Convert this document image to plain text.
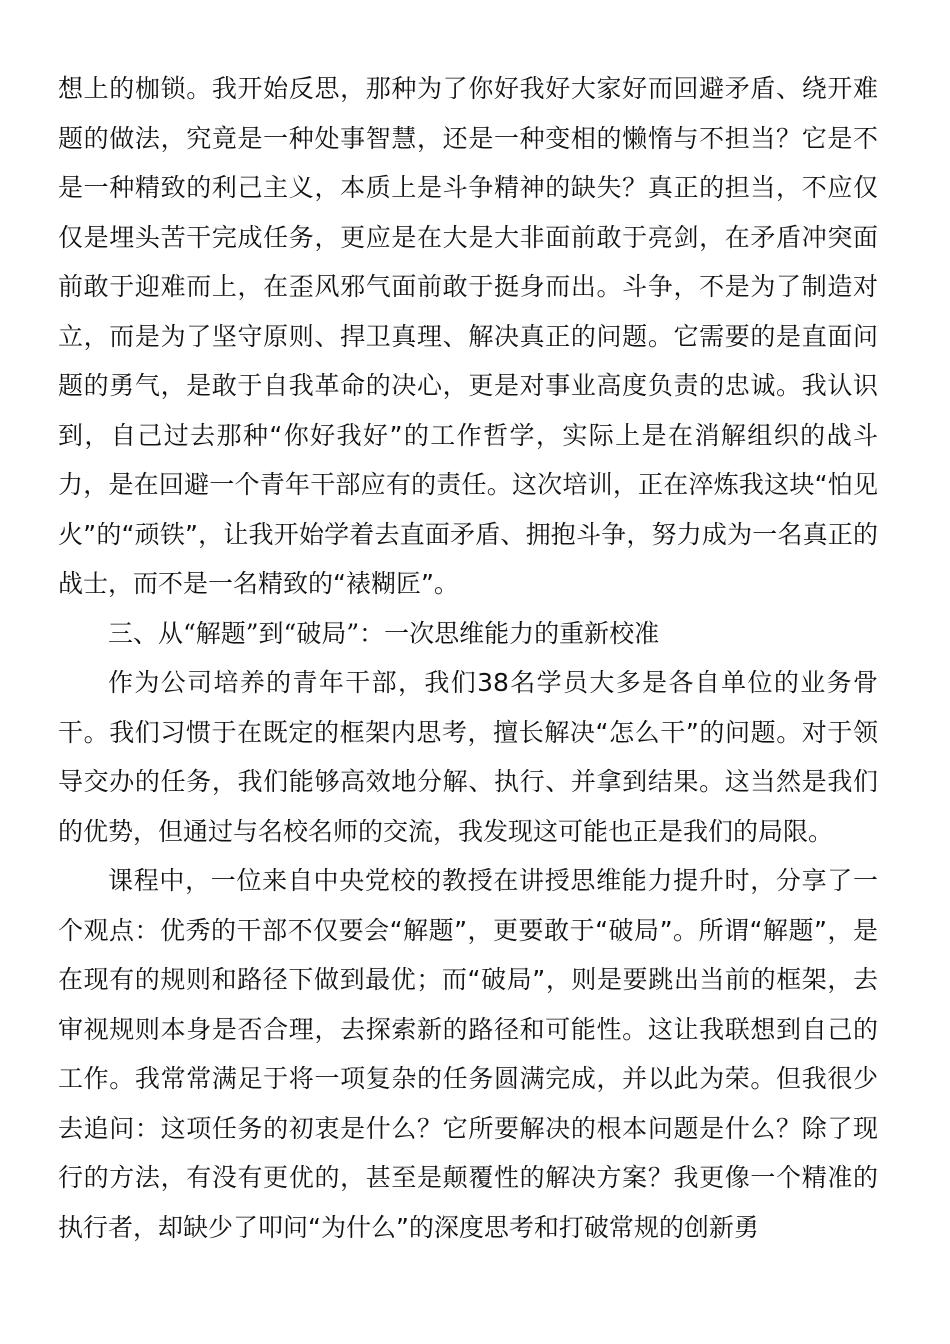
想上的枷锁。我开始反思，那种为了你好我好大家好而回避矛盾、绕开难题的做法，究竟是一种处事智慧，还是一种变相的懒惰与不担当？它是不是一种精致的利己主义，本质上是斗争精神的缺失？真正的担当，不应仅仅是埋头苦干完成任务，更应是在大是大非面前敢于亮剑，在矛盾冲突面前敢于迎难而上，在歪风邪气面前敢于挺身而出。斗争，不是为了制造对立，而是为了坚守原则、捍卫真理、解决真正的问题。它需要的是直面问题的勇气，是敢于自我革命的决心，更是对事业高度负责的忠诚。我认识到，自己过去那种“你好我好”的工作哲学，实际上是在消解组织的战斗力，是在回避一个青年干部应有的责任。这次培训，正在淬炼我这块“怕见火”的“顽铁”，让我开始学着去直面矛盾、拥抱斗争，努力成为一名真正的战士，而不是一名精致的“裱糊匠”。

三、从“解题”到“破局”：一次思维能力的重新校准

作为公司培养的青年干部，我们38名学员大多是各自单位的业务骨干。我们习惯于在既定的框架内思考，擅长解决“怎么干”的问题。对于领导交办的任务，我们能够高效地分解、执行、并拿到结果。这当然是我们的优势，但通过与名校名师的交流，我发现这可能也正是我们的局限。

课程中，一位来自中央党校的教授在讲授思维能力提升时，分享了一个观点：优秀的干部不仅要会“解题”，更要敢于“破局”。所谓“解题”，是在现有的规则和路径下做到最优；而“破局”，则是要跳出当前的框架，去审视规则本身是否合理，去探索新的路径和可能性。这让我联想到自己的工作。我常常满足于将一项复杂的任务圆满完成，并以此为荣。但我很少去追问：这项任务的初衷是什么？它所要解决的根本问题是什么？除了现行的方法，有没有更优的，甚至是颠覆性的解决方案？我更像一个精准的执行者，却缺少了叩问“为什么”的深度思考和打破常规的创新勇
